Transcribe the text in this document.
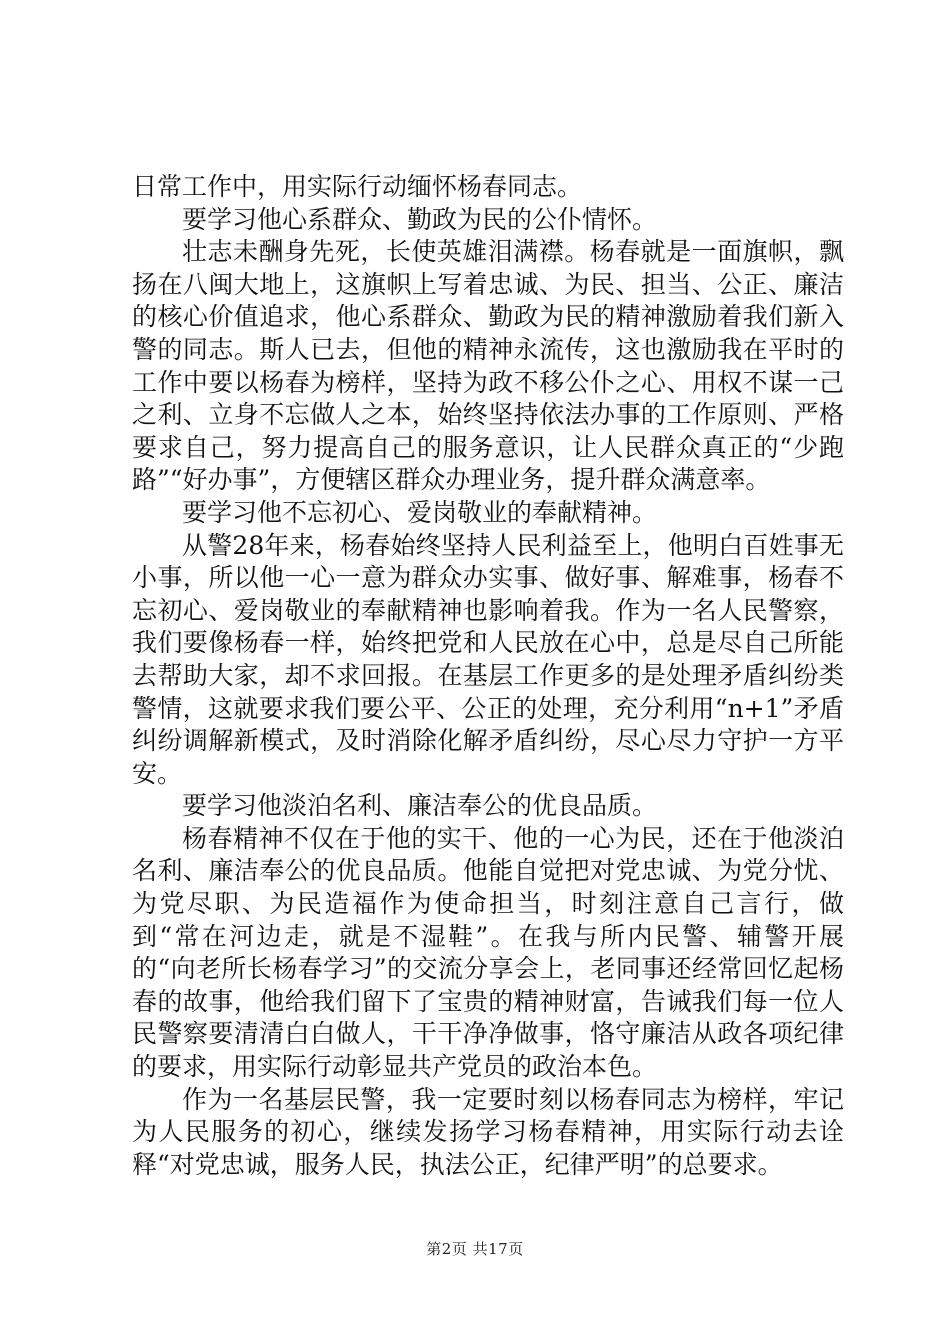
日常工作中，用实际行动缅怀杨春同志。

要学习他心系群众、勤政为民的公仆情怀。

壮志未酬身先死，长使英雄泪满襟。杨春就是一面旗帜，飘扬在八闽大地上，这旗帜上写着忠诚、为民、担当、公正、廉洁的核心价值追求，他心系群众、勤政为民的精神激励着我们新入警的同志。斯人已去，但他的精神永流传，这也激励我在平时的工作中要以杨春为榜样，坚持为政不移公仆之心、用权不谋一己之利、立身不忘做人之本，始终坚持依法办事的工作原则、严格要求自己，努力提高自己的服务意识，让人民群众真正的“少跑路”“好办事”，方便辖区群众办理业务，提升群众满意率。

要学习他不忘初心、爱岗敬业的奉献精神。

从警28年来，杨春始终坚持人民利益至上，他明白百姓事无小事，所以他一心一意为群众办实事、做好事、解难事，杨春不忘初心、爱岗敬业的奉献精神也影响着我。作为一名人民警察，我们要像杨春一样，始终把党和人民放在心中，总是尽自己所能去帮助大家，却不求回报。在基层工作更多的是处理矛盾纠纷类警情，这就要求我们要公平、公正的处理，充分利用“n+1”矛盾纠纷调解新模式，及时消除化解矛盾纠纷，尽心尽力守护一方平安。

要学习他淡泊名利、廉洁奉公的优良品质。

杨春精神不仅在于他的实干、他的一心为民，还在于他淡泊名利、廉洁奉公的优良品质。他能自觉把对党忠诚、为党分忧、为党尽职、为民造福作为使命担当，时刻注意自己言行，做到“常在河边走，就是不湿鞋”。在我与所内民警、辅警开展的“向老所长杨春学习”的交流分享会上，老同事还经常回忆起杨春的故事，他给我们留下了宝贵的精神财富，告诫我们每一位人民警察要清清白白做人，干干净净做事，恪守廉洁从政各项纪律的要求，用实际行动彰显共产党员的政治本色。

作为一名基层民警，我一定要时刻以杨春同志为榜样，牢记为人民服务的初心，继续发扬学习杨春精神，用实际行动去诠释“对党忠诚，服务人民，执法公正，纪律严明”的总要求。

第2页 共17页
